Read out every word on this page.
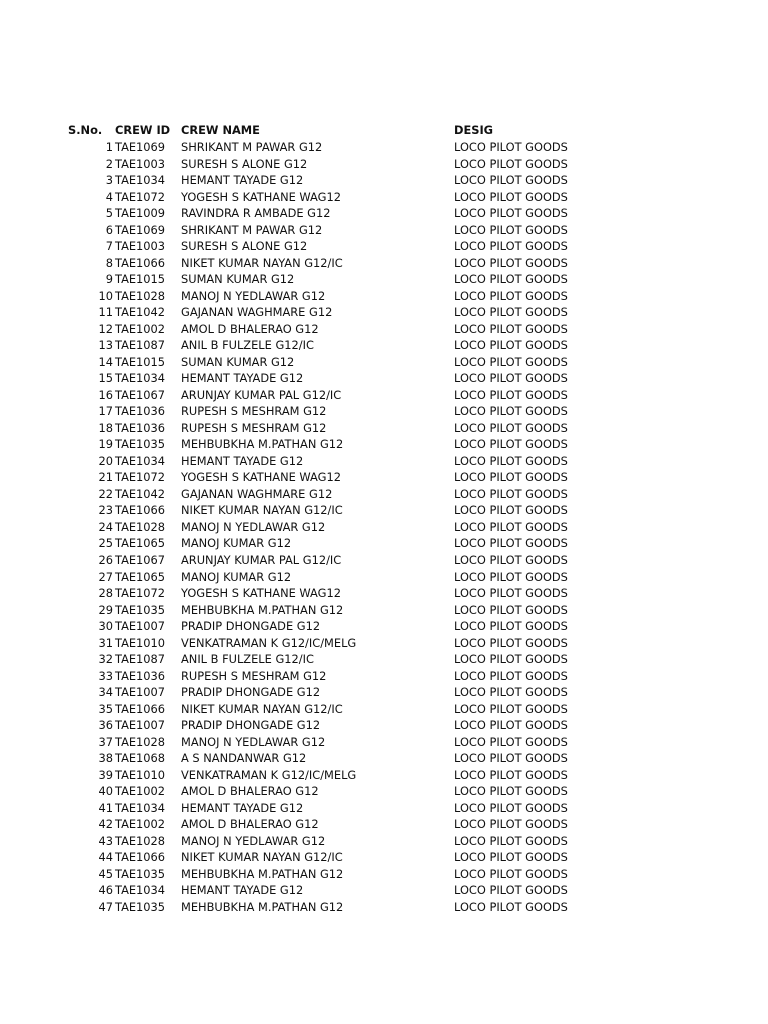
S.No. CREW ID CREW NAME	DESIG
1 TAE1069 SHRIKANT M PAWAR G12	LOCO PILOT GOODS
2 TAE1003 SURESH S ALONE G12	LOCO PILOT GOODS
3 TAE1034 HEMANT TAYADE G12	LOCO PILOT GOODS
4 TAE1072 YOGESH S KATHANE WAG12	LOCO PILOT GOODS
5 TAE1009 RAVINDRA R AMBADE G12	LOCO PILOT GOODS
6 TAE1069 SHRIKANT M PAWAR G12	LOCO PILOT GOODS
7 TAE1003 SURESH S ALONE G12	LOCO PILOT GOODS
8 TAE1066 NIKET KUMAR NAYAN G12/IC	LOCO PILOT GOODS
9 TAE1015 SUMAN KUMAR G12	LOCO PILOT GOODS
10 TAE1028 MANOJ N YEDLAWAR G12	LOCO PILOT GOODS
11 TAE1042 GAJANAN WAGHMARE G12	LOCO PILOT GOODS
12 TAE1002 AMOL D BHALERAO G12	LOCO PILOT GOODS
13 TAE1087 ANIL B FULZELE G12/IC	LOCO PILOT GOODS
14 TAE1015 SUMAN KUMAR G12	LOCO PILOT GOODS
15 TAE1034 HEMANT TAYADE G12	LOCO PILOT GOODS
16 TAE1067 ARUNJAY KUMAR PAL G12/IC	LOCO PILOT GOODS
17 TAE1036 RUPESH S MESHRAM G12	LOCO PILOT GOODS
18 TAE1036 RUPESH S MESHRAM G12	LOCO PILOT GOODS
19 TAE1035 MEHBUBKHA M.PATHAN G12	LOCO PILOT GOODS
20 TAE1034 HEMANT TAYADE G12	LOCO PILOT GOODS
21 TAE1072 YOGESH S KATHANE WAG12	LOCO PILOT GOODS
22 TAE1042 GAJANAN WAGHMARE G12	LOCO PILOT GOODS
23 TAE1066 NIKET KUMAR NAYAN G12/IC	LOCO PILOT GOODS
24 TAE1028 MANOJ N YEDLAWAR G12	LOCO PILOT GOODS
25 TAE1065 MANOJ KUMAR G12	LOCO PILOT GOODS
26 TAE1067 ARUNJAY KUMAR PAL G12/IC	LOCO PILOT GOODS
27 TAE1065 MANOJ KUMAR G12	LOCO PILOT GOODS
28 TAE1072 YOGESH S KATHANE WAG12	LOCO PILOT GOODS
29 TAE1035 MEHBUBKHA M.PATHAN G12	LOCO PILOT GOODS
30 TAE1007 PRADIP DHONGADE G12	LOCO PILOT GOODS
31 TAE1010 VENKATRAMAN K G12/IC/MELG	LOCO PILOT GOODS
32 TAE1087 ANIL B FULZELE G12/IC	LOCO PILOT GOODS
33 TAE1036 RUPESH S MESHRAM G12	LOCO PILOT GOODS
34 TAE1007 PRADIP DHONGADE G12	LOCO PILOT GOODS
35 TAE1066 NIKET KUMAR NAYAN G12/IC	LOCO PILOT GOODS
36 TAE1007 PRADIP DHONGADE G12	LOCO PILOT GOODS
37 TAE1028 MANOJ N YEDLAWAR G12	LOCO PILOT GOODS
38 TAE1068 A S NANDANWAR G12	LOCO PILOT GOODS
39 TAE1010 VENKATRAMAN K G12/IC/MELG	LOCO PILOT GOODS
40 TAE1002 AMOL D BHALERAO G12	LOCO PILOT GOODS
41 TAE1034 HEMANT TAYADE G12	LOCO PILOT GOODS
42 TAE1002 AMOL D BHALERAO G12	LOCO PILOT GOODS
43 TAE1028 MANOJ N YEDLAWAR G12	LOCO PILOT GOODS
44 TAE1066 NIKET KUMAR NAYAN G12/IC	LOCO PILOT GOODS
45 TAE1035 MEHBUBKHA M.PATHAN G12	LOCO PILOT GOODS
46 TAE1034 HEMANT TAYADE G12	LOCO PILOT GOODS
47 TAE1035 MEHBUBKHA M.PATHAN G12	LOCO PILOT GOODS
